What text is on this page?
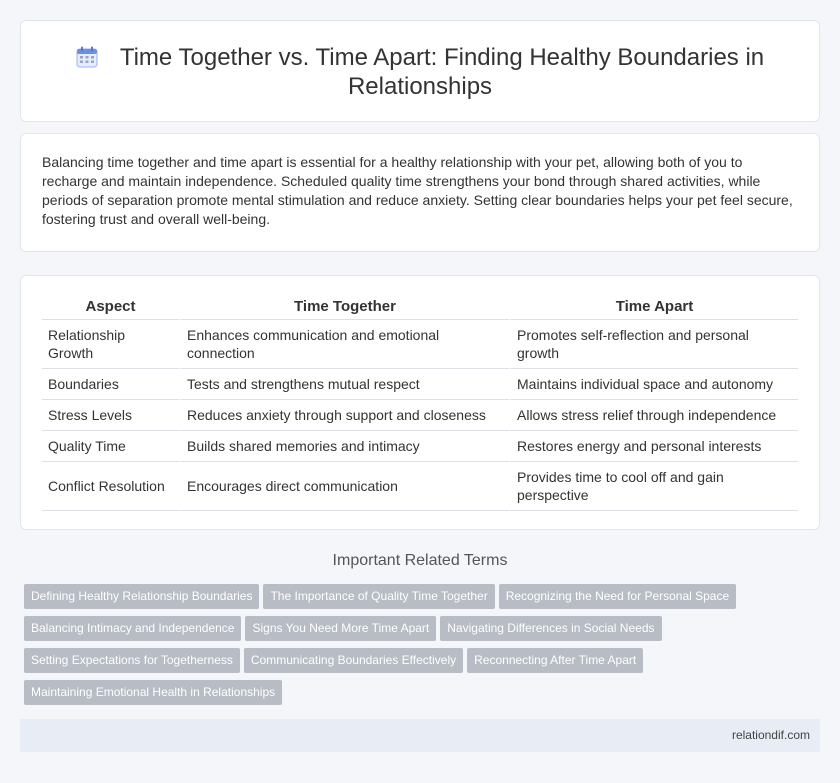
Time Together vs. Time Apart: Finding Healthy Boundaries in Relationships

Balancing time together and time apart is essential for a healthy relationship with your pet, allowing both of you to recharge and maintain independence. Scheduled quality time strengthens your bond through shared activities, while periods of separation promote mental stimulation and reduce anxiety. Setting clear boundaries helps your pet feel secure, fostering trust and overall well-being.

Aspect	Time Together	Time Apart
Relationship Growth	Enhances communication and emotional connection	Promotes self-reflection and personal growth
Boundaries	Tests and strengthens mutual respect	Maintains individual space and autonomy
Stress Levels	Reduces anxiety through support and closeness	Allows stress relief through independence
Quality Time	Builds shared memories and intimacy	Restores energy and personal interests
Conflict Resolution	Encourages direct communication	Provides time to cool off and gain perspective
Important Related Terms
Defining Healthy Relationship Boundaries The Importance of Quality Time Together Recognizing the Need for Personal Space
Balancing Intimacy and Independence Signs You Need More Time Apart Navigating Differences in Social Needs
Setting Expectations for Togetherness Communicating Boundaries Effectively Reconnecting After Time Apart
Maintaining Emotional Health in Relationships
relationdif.com
